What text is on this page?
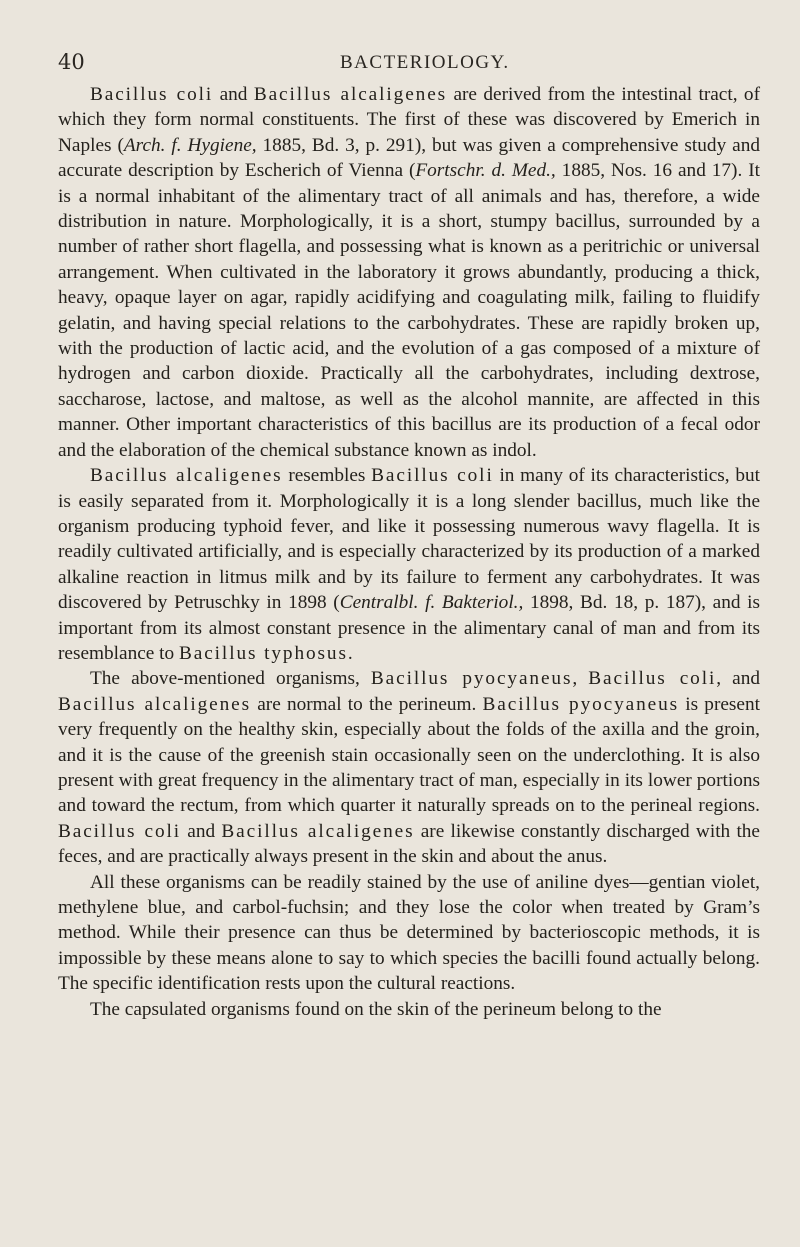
40	BACTERIOLOGY.

Bacillus coli and Bacillus alcaligenes are derived from the intestinal tract, of which they form normal constituents. The first of these was discovered by Emerich in Naples (Arch. f. Hygiene, 1885, Bd. 3, p. 291), but was given a comprehensive study and accurate description by Escherich of Vienna (Fortschr. d. Med., 1885, Nos. 16 and 17). It is a normal inhabitant of the alimentary tract of all animals and has, therefore, a wide distribution in nature. Morphologically, it is a short, stumpy bacillus, surrounded by a number of rather short flagella, and possessing what is known as a peritrichic or universal arrangement. When cultivated in the laboratory it grows abundantly, producing a thick, heavy, opaque layer on agar, rapidly acidifying and coagulating milk, failing to fluidify gelatin, and having special relations to the carbohydrates. These are rapidly broken up, with the production of lactic acid, and the evolution of a gas composed of a mixture of hydrogen and carbon dioxide. Practically all the carbohydrates, including dextrose, saccharose, lactose, and maltose, as well as the alcohol mannite, are affected in this manner. Other important characteristics of this bacillus are its production of a fecal odor and the elaboration of the chemical substance known as indol.

Bacillus alcaligenes resembles Bacillus coli in many of its characteristics, but is easily separated from it. Morphologically it is a long slender bacillus, much like the organism producing typhoid fever, and like it possessing numerous wavy flagella. It is readily cultivated artificially, and is especially characterized by its production of a marked alkaline reaction in litmus milk and by its failure to ferment any carbohydrates. It was discovered by Petruschky in 1898 (Centralbl. f. Bakteriol., 1898, Bd. 18, p. 187), and is important from its almost constant presence in the alimentary canal of man and from its resemblance to Bacillus typhosus.

The above-mentioned organisms, Bacillus pyocyaneus, Bacillus coli, and Bacillus alcaligenes are normal to the perineum. Bacillus pyocyaneus is present very frequently on the healthy skin, especially about the folds of the axilla and the groin, and it is the cause of the greenish stain occasionally seen on the underclothing. It is also present with great frequency in the alimentary tract of man, especially in its lower portions and toward the rectum, from which quarter it naturally spreads on to the perineal regions. Bacillus coli and Bacillus alcaligenes are likewise constantly discharged with the feces, and are practically always present in the skin and about the anus.

All these organisms can be readily stained by the use of aniline dyes—gentian violet, methylene blue, and carbol-fuchsin; and they lose the color when treated by Gram’s method. While their presence can thus be determined by bacterioscopic methods, it is impossible by these means alone to say to which species the bacilli found actually belong. The specific identification rests upon the cultural reactions.

The capsulated organisms found on the skin of the perineum belong to the
